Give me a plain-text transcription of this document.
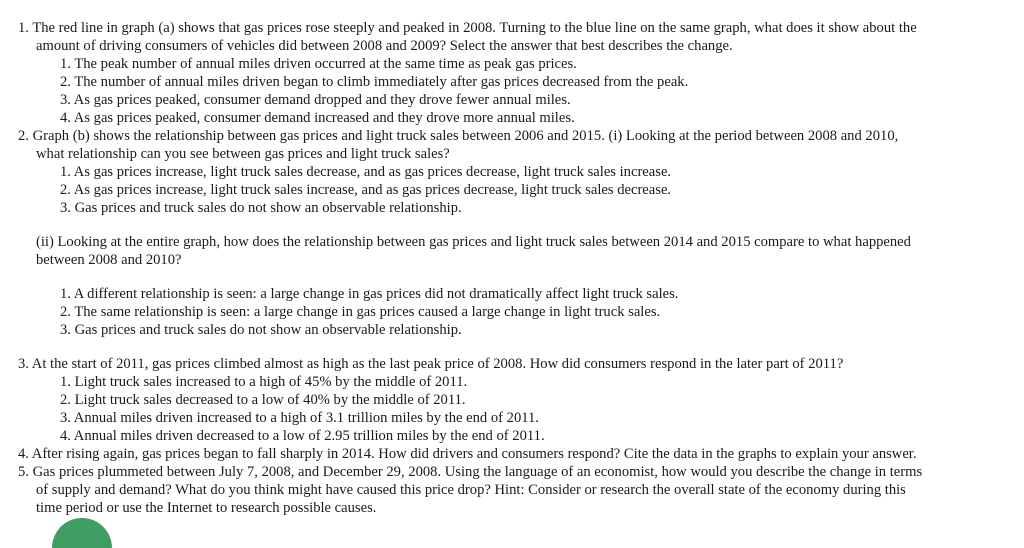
1. The red line in graph (a) shows that gas prices rose steeply and peaked in 2008. Turning to the blue line on the same graph, what does it show about the
amount of driving consumers of vehicles did between 2008 and 2009? Select the answer that best describes the change.
1. The peak number of annual miles driven occurred at the same time as peak gas prices.
2. The number of annual miles driven began to climb immediately after gas prices decreased from the peak.
3. As gas prices peaked, consumer demand dropped and they drove fewer annual miles.
4. As gas prices peaked, consumer demand increased and they drove more annual miles.
2. Graph (b) shows the relationship between gas prices and light truck sales between 2006 and 2015. (i) Looking at the period between 2008 and 2010,
what relationship can you see between gas prices and light truck sales?
1. As gas prices increase, light truck sales decrease, and as gas prices decrease, light truck sales increase.
2. As gas prices increase, light truck sales increase, and as gas prices decrease, light truck sales decrease.
3. Gas prices and truck sales do not show an observable relationship.
(ii) Looking at the entire graph, how does the relationship between gas prices and light truck sales between 2014 and 2015 compare to what happened
between 2008 and 2010?
1. A different relationship is seen: a large change in gas prices did not dramatically affect light truck sales.
2. The same relationship is seen: a large change in gas prices caused a large change in light truck sales.
3. Gas prices and truck sales do not show an observable relationship.
3. At the start of 2011, gas prices climbed almost as high as the last peak price of 2008. How did consumers respond in the later part of 2011?
1. Light truck sales increased to a high of 45% by the middle of 2011.
2. Light truck sales decreased to a low of 40% by the middle of 2011.
3. Annual miles driven increased to a high of 3.1 trillion miles by the end of 2011.
4. Annual miles driven decreased to a low of 2.95 trillion miles by the end of 2011.
4. After rising again, gas prices began to fall sharply in 2014. How did drivers and consumers respond? Cite the data in the graphs to explain your answer.
5. Gas prices plummeted between July 7, 2008, and December 29, 2008. Using the language of an economist, how would you describe the change in terms
of supply and demand? What do you think might have caused this price drop? Hint: Consider or research the overall state of the economy during this
time period or use the Internet to research possible causes.
